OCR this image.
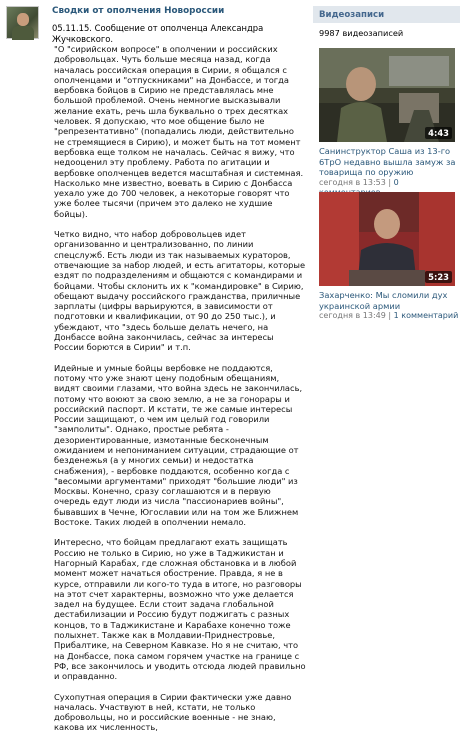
Сводки от ополчения Новороссии
05.11.15. Сообщение от ополченца Александра Жучковского.

"О "сирийском вопросе" в ополчении и российских добровольцах. Чуть больше месяца назад, когда началась российская операция в Сирии, я общался с ополченцами и "отпускниками" на Донбассе, и тогда вербовка бойцов в Сирию не представлялась мне большой проблемой. Очень немногие высказывали желание ехать, речь шла буквально о трех десятках человек. Я допускаю, что мое общение было не "репрезентативно" (попадались люди, действительно не стремящиеся в Сирию), и может быть на тот момент вербовка еще толком не началась. Сейчас я вижу, что недооценил эту проблему. Работа по агитации и вербовке ополченцев ведется масштабная и системная. Насколько мне известно, воевать в Сирию с Донбасса уехало уже до 700 человек, а некоторые говорят что уже более тысячи (причем это далеко не худшие бойцы).

Четко видно, что набор добровольцев идет организованно и централизованно, по линии спецслужб. Есть люди из так называемых кураторов, отвечающие за набор людей, и есть агитаторы, которые ездят по подразделениям и общаются с командирами и бойцами. Чтобы склонить их к "командировке" в Сирию, обещают выдачу российского гражданства, приличные зарплаты (цифры варьируются, в зависимости от подготовки и квалификации, от 90 до 250 тыс.), и убеждают, что "здесь больше делать нечего, на Донбассе война закончилась, сейчас за интересы России борются в Сирии" и т.п.

Идейные и умные бойцы вербовке не поддаются, потому что уже знают цену подобным обещаниям, видят своими глазами, что война здесь не закончилась, потому что воюют за свою землю, а не за гонорары и российский паспорт. И кстати, те же самые интересы России защищают, о чем им целый год говорили "замполиты". Однако, простые ребята - дезориентированные, измотанные бесконечным ожиданием и непониманием ситуации, страдающие от безденежья (а у многих семьи) и недостатка снабжения), - вербовке поддаются, особенно когда с "весомыми аргументами" приходят "большие люди" из Москвы. Конечно, сразу соглашаются и в первую очередь едут люди из числа "пассионариев войны", бывавших в Чечне, Югославии или на том же Ближнем Востоке. Таких людей в ополчении немало.

Интересно, что бойцам предлагают ехать защищать Россию не только в Сирию, но уже в Таджикистан и Нагорный Карабах, где сложная обстановка и в любой момент может начаться обострение. Правда, я не в курсе, отправили ли кого-то туда в итоге, но разговоры на этот счет характерны, возможно что уже делается задел на будущее. Если стоит задача глобальной дестабилизации и Россию будут поджигать с разных концов, то в Таджикистане и Карабахе конечно тоже полыхнет. Также как в Молдавии-Приднестровье, Прибалтике, на Северном Кавказе. Но я не считаю, что на Донбассе, пока самом горячем участке на границе с РФ, все закончилось и уводить отсюда людей правильно и оправданно.

Сухопутная операция в Сирии фактически уже давно началась. Участвуют в ней, кстати, не только добровольцы, но и российские военные - не знаю, какова их численность,

Видеозаписи
9987 видеозаписей
4:43
Санинструктор Саша из 13-го 6ТрО недавно вышла замуж за товарища по оружию
сегодня в 13:53 | 0
5:23
Захарченко: Мы сломили дух украинской армии
сегодня в 13:49 | 1 комментарий
